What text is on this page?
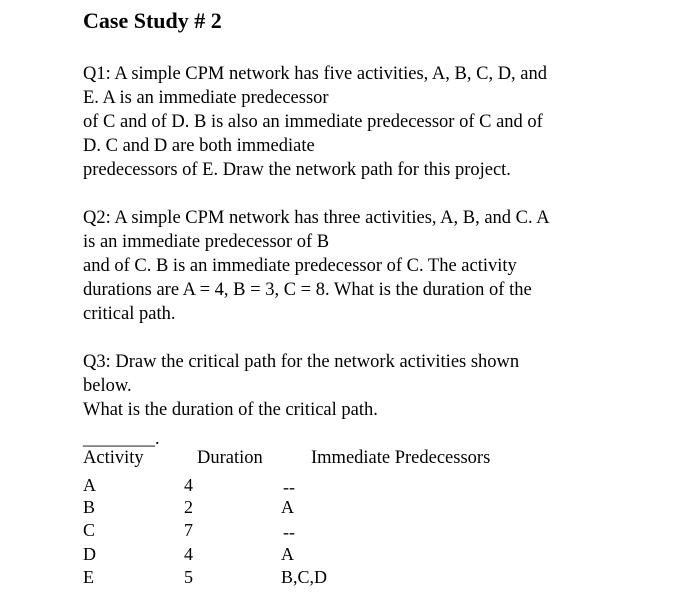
Case Study # 2
Q1: A simple CPM network has five activities, A, B, C, D, and
E. A is an immediate predecessor
of C and of D. B is also an immediate predecessor of C and of
D. C and D are both immediate
predecessors of E. Draw the network path for this project.
Q2: A simple CPM network has three activities, A, B, and C. A
is an immediate predecessor of B
and of C. B is an immediate predecessor of C. The activity
durations are A = 4, B = 3, C = 8. What is the duration of the
critical path.
Q3: Draw the critical path for the network activities shown
below.
What is the duration of the critical path.
________.
Activity	Duration	Immediate Predecessors
A	4	--
B	2	A
C	7	--
D	4	A
E	5	B,C,D
